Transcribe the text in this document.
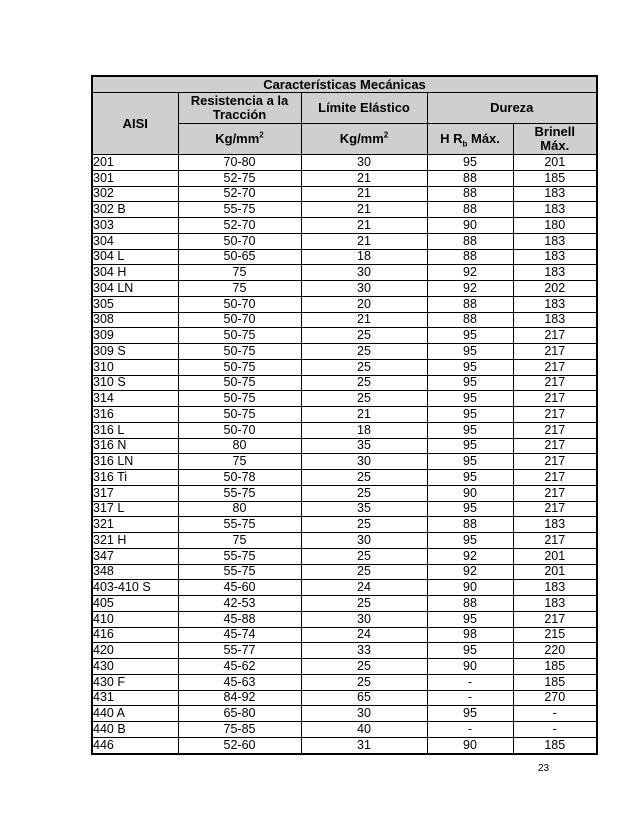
Características Mecánicas				
AISI	Resistencia a la Tracción	Límite Elástico	Dureza	
	$Kg/mm^2$	$Kg/mm^2$	H $R_b$ Máx.	Brinell
Máx.

201	70-80	30	95	201
301	52-75	21	88	185
302	52-70	21	88	183
302 B	55-75	21	88	183
303	52-70	21	90	180
304	50-70	21	88	183
304 L	50-65	18	88	183
304 H	75	30	92	183
304 LN	75	30	92	202
305	50-70	20	88	183
308	50-70	21	88	183
309	50-75	25	95	217
309 S	50-75	25	95	217
310	50-75	25	95	217
310 S	50-75	25	95	217
314	50-75	25	95	217
316	50-75	21	95	217
316 L	50-70	18	95	217
316 N	80	35	95	217
316 LN	75	30	95	217
316 Ti	50-78	25	95	217
317	55-75	25	90	217
317 L	80	35	95	217
321	55-75	25	88	183
321 H	75	30	95	217
347	55-75	25	92	201
348	55-75	25	92	201
403-410 S	45-60	24	90	183
405	42-53	25	88	183
410	45-88	30	95	217
416	45-74	24	98	215
420	55-77	33	95	220
430	45-62	25	90	185
430 F	45-63	25	-	185
431	84-92	65	-	270
440 A	65-80	30	95	-
440 B	75-85	40	-	-
446	52-60	31	90	185
23
